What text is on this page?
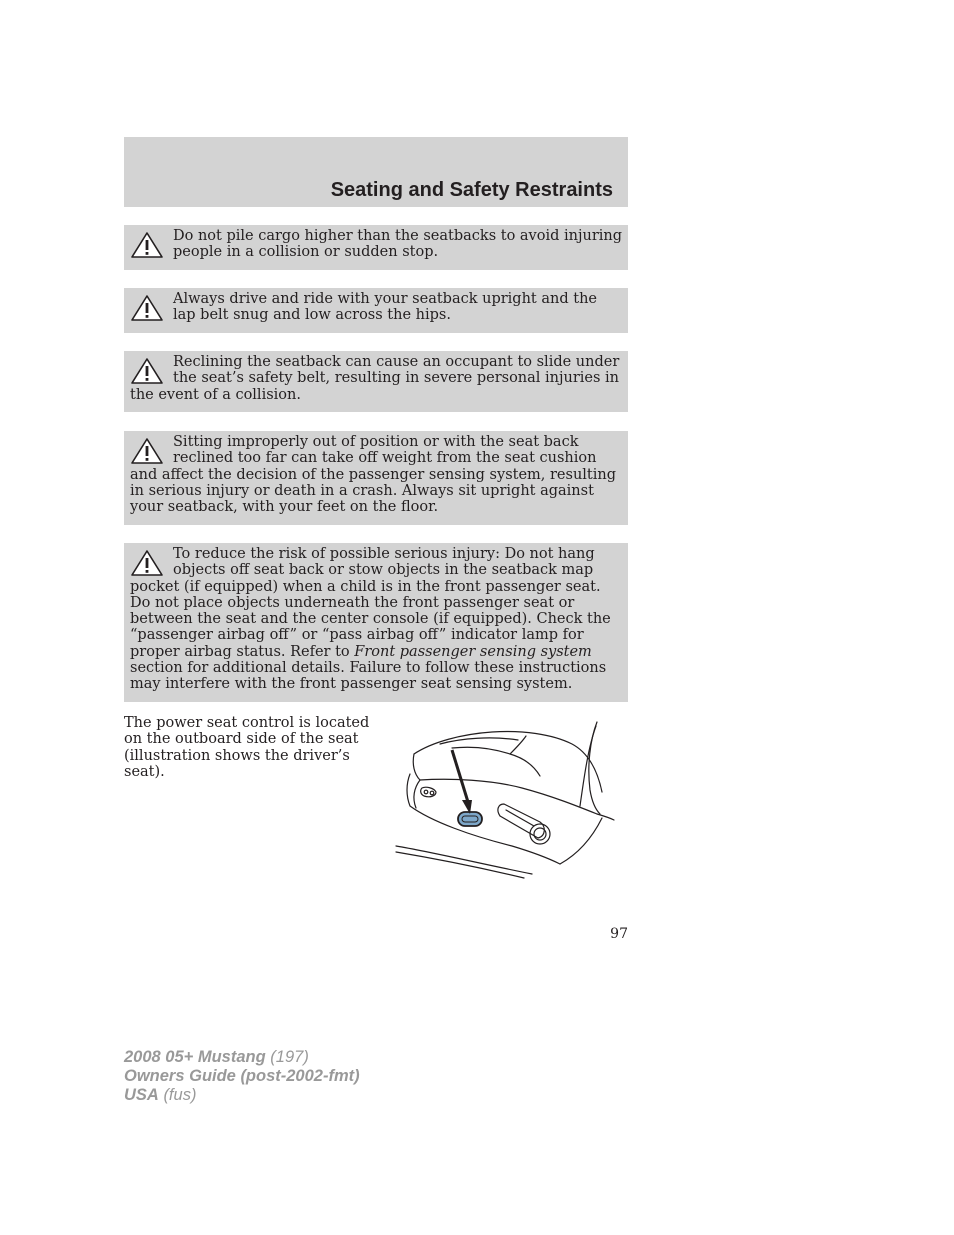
Seating and Safety Restraints

Do not pile cargo higher than the seatbacks to avoid injuring people in a collision or sudden stop.

Always drive and ride with your seatback upright and the lap belt snug and low across the hips.

Reclining the seatback can cause an occupant to slide under the seat’s safety belt, resulting in severe personal injuries in the event of a collision.

Sitting improperly out of position or with the seat back reclined too far can take off weight from the seat cushion and affect the decision of the passenger sensing system, resulting in serious injury or death in a crash. Always sit upright against your seatback, with your feet on the floor.

To reduce the risk of possible serious injury: Do not hang objects off seat back or stow objects in the seatback map pocket (if equipped) when a child is in the front passenger seat. Do not place objects underneath the front passenger seat or between the seat and the center console (if equipped). Check the “passenger airbag off” or “pass airbag off” indicator lamp for proper airbag status. Refer to Front passenger sensing system section for additional details. Failure to follow these instructions may interfere with the front passenger seat sensing system.

The power seat control is located on the outboard side of the seat (illustration shows the driver’s seat).

97
2008 05+ Mustang (197)
Owners Guide (post-2002-fmt)
USA (fus)
